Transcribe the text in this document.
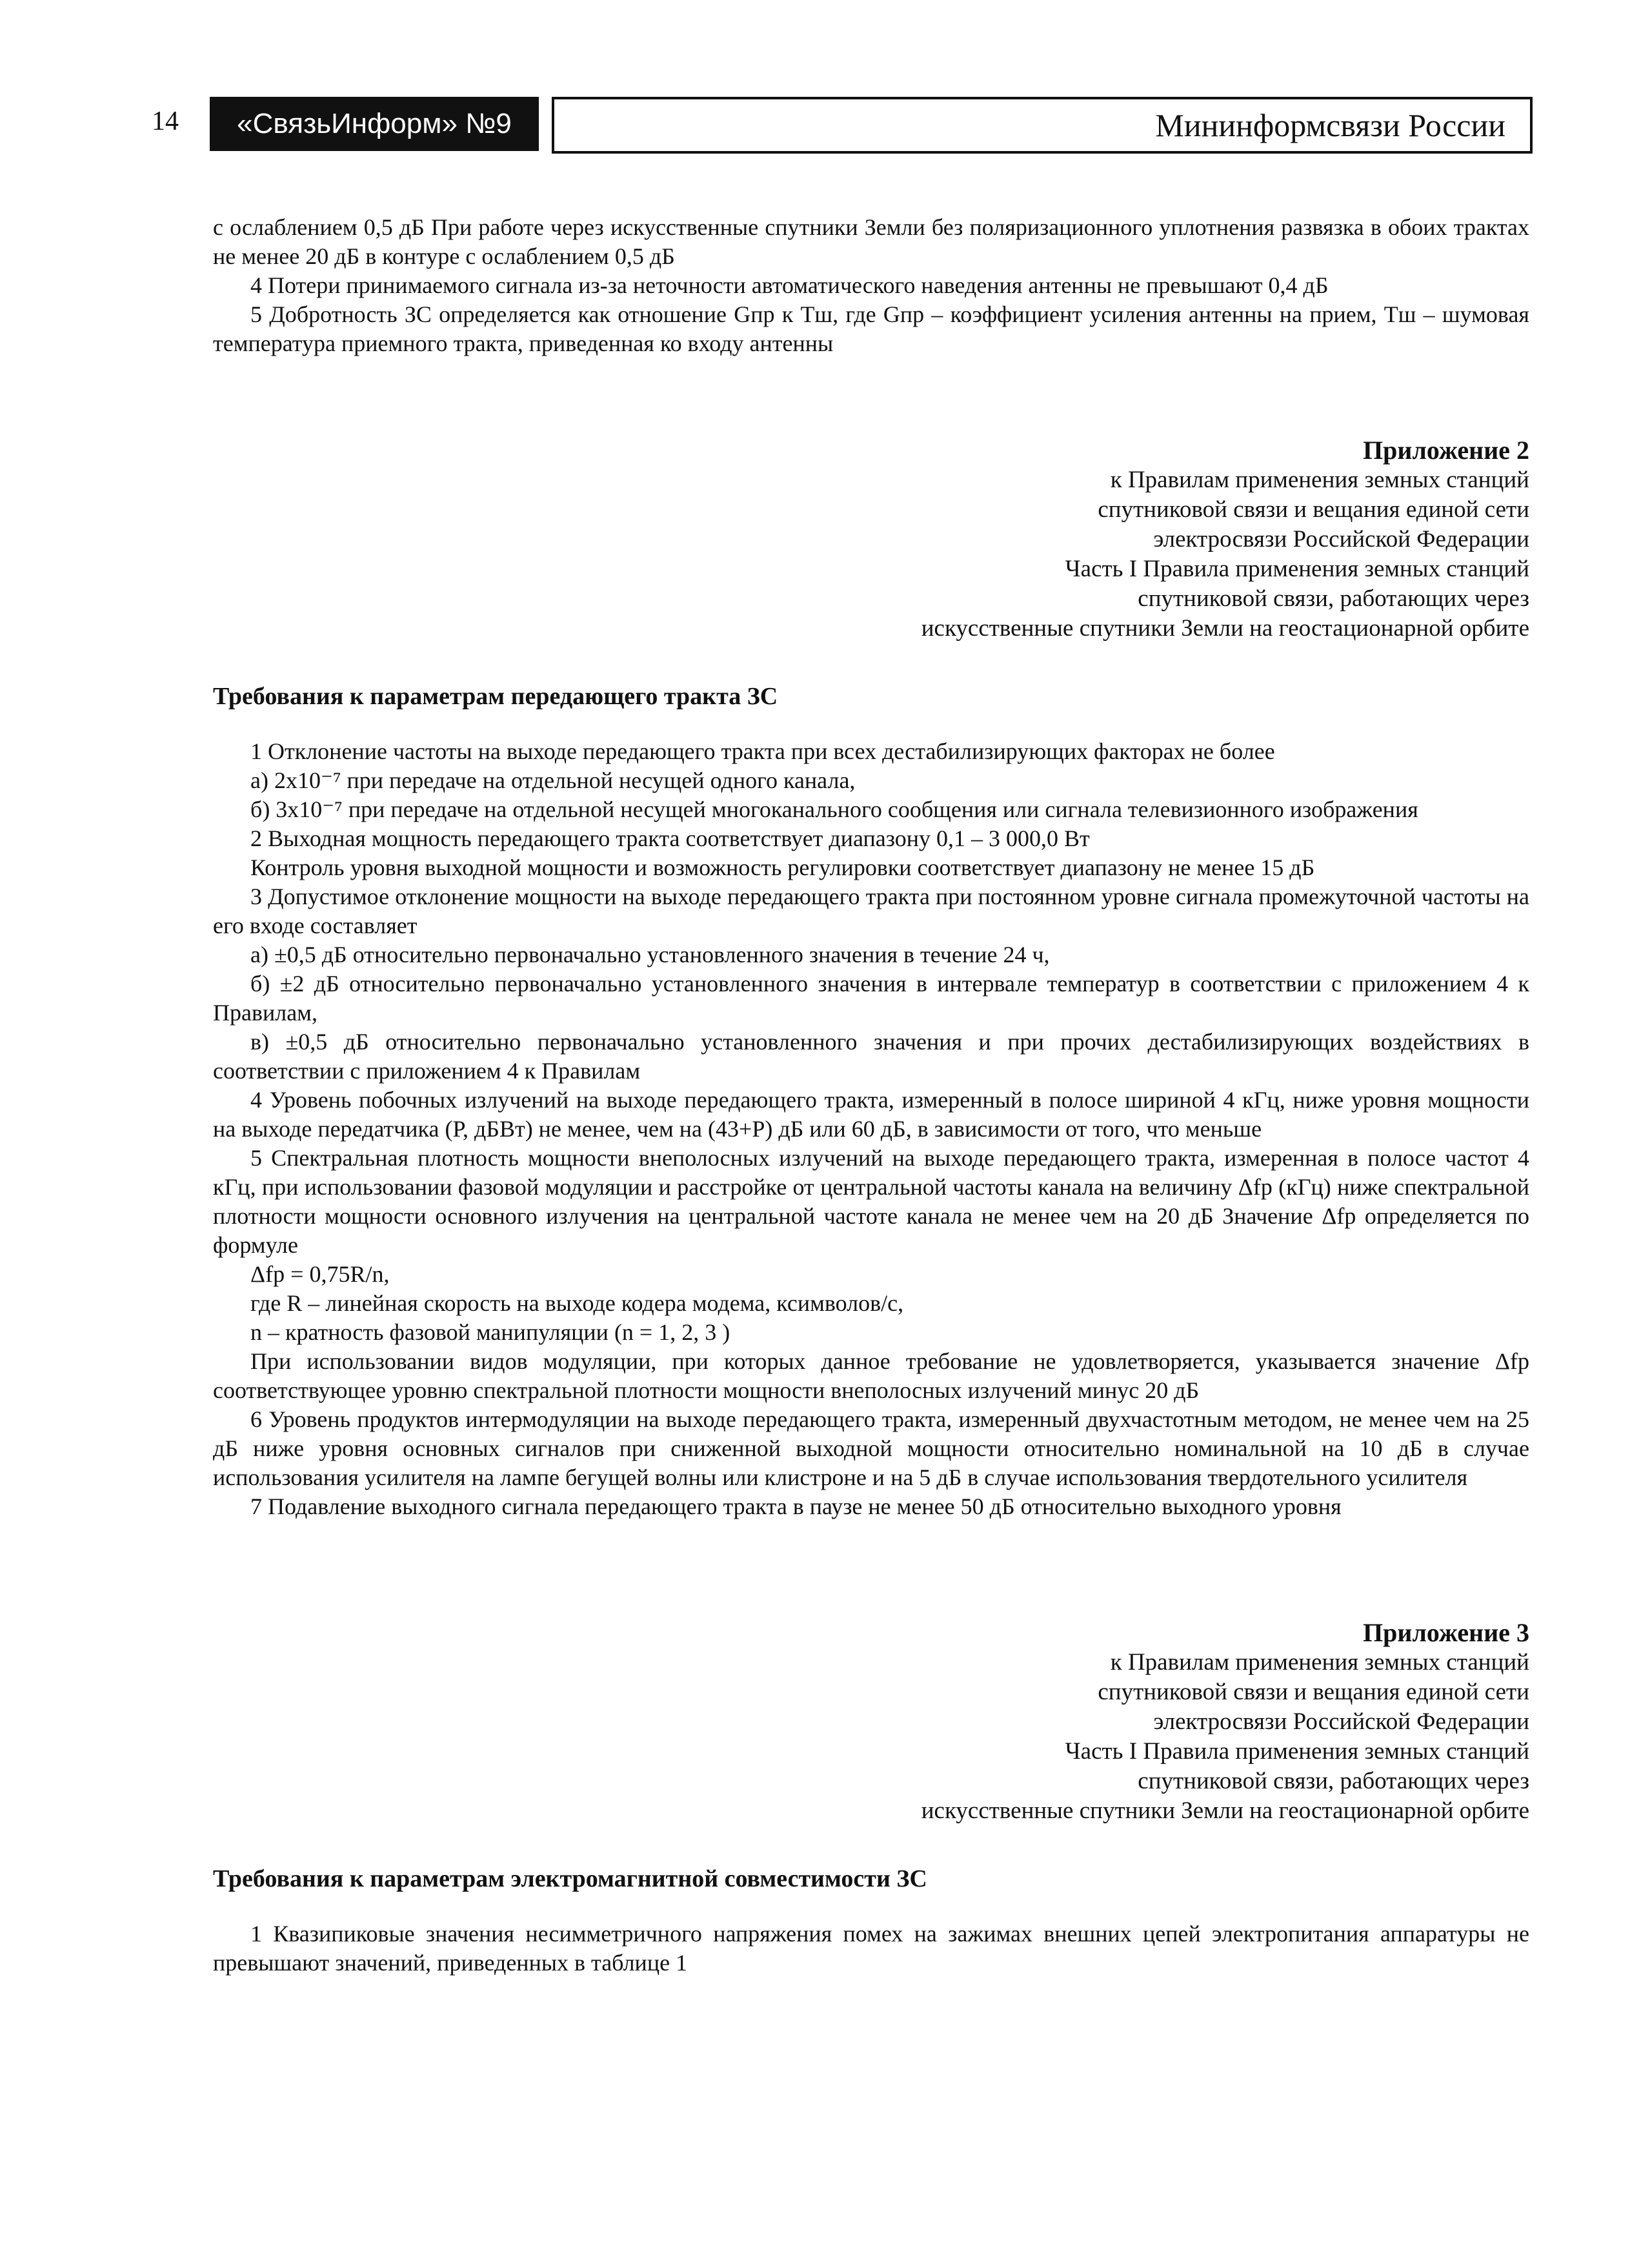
14	«СвязьИнформ» №9	Мининформсвязи России

с ослаблением 0,5 дБ При работе через искусственные спутники Земли без поляризационного уплотнения развязка в обоих трактах не менее 20 дБ в контуре с ослаблением 0,5 дБ

4 Потери принимаемого сигнала из-за неточности автоматического наведения антенны не превышают 0,4 дБ

5 Добротность ЗС определяется как отношение Gпр к Тш, где Gпр – коэффициент усиления антенны на прием, Тш – шумовая температура приемного тракта, приведенная ко входу антенны

Приложение 2
к Правилам применения земных станций
спутниковой связи и вещания единой сети
электросвязи Российской Федерации
Часть I Правила применения земных станций
спутниковой связи, работающих через
искусственные спутники Земли на геостационарной орбите

Требования к параметрам передающего тракта ЗС

1 Отклонение частоты на выходе передающего тракта при всех дестабилизирующих факторах не более

а) 2x10⁻⁷ при передаче на отдельной несущей одного канала,

б) 3x10⁻⁷ при передаче на отдельной несущей многоканального сообщения или сигнала телевизионного изображения

2 Выходная мощность передающего тракта соответствует диапазону 0,1 – 3 000,0 Вт

Контроль уровня выходной мощности и возможность регулировки соответствует диапазону не менее 15 дБ

3 Допустимое отклонение мощности на выходе передающего тракта при постоянном уровне сигнала промежуточной частоты на его входе составляет

а) ±0,5 дБ относительно первоначально установленного значения в течение 24 ч,

б) ±2 дБ относительно первоначально установленного значения в интервале температур в соответствии с приложением 4 к Правилам,

в) ±0,5 дБ относительно первоначально установленного значения и при прочих дестабилизирующих воздействиях в соответствии с приложением 4 к Правилам

4 Уровень побочных излучений на выходе передающего тракта, измеренный в полосе шириной 4 кГц, ниже уровня мощности на выходе передатчика (Р, дБВт) не менее, чем на (43+Р) дБ или 60 дБ, в зависимости от того, что меньше

5 Спектральная плотность мощности внеполосных излучений на выходе передающего тракта, измеренная в полосе частот 4 кГц, при использовании фазовой модуляции и расстройке от центральной частоты канала на величину Δfр (кГц) ниже спектральной плотности мощности основного излучения на центральной частоте канала не менее чем на 20 дБ Значение Δfр определяется по формуле

Δfр = 0,75R/n,

где R – линейная скорость на выходе кодера модема, ксимволов/с,

n – кратность фазовой манипуляции (n = 1, 2, 3 )

При использовании видов модуляции, при которых данное требование не удовлетворяется, указывается значение Δfр соответствующее уровню спектральной плотности мощности внеполосных излучений минус 20 дБ

6 Уровень продуктов интермодуляции на выходе передающего тракта, измеренный двухчастотным методом, не менее чем на 25 дБ ниже уровня основных сигналов при сниженной выходной мощности относительно номинальной на 10 дБ в случае использования усилителя на лампе бегущей волны или клистроне и на 5 дБ в случае использования твердотельного усилителя

7 Подавление выходного сигнала передающего тракта в паузе не менее 50 дБ относительно выходного уровня

Приложение 3
к Правилам применения земных станций
спутниковой связи и вещания единой сети
электросвязи Российской Федерации
Часть I Правила применения земных станций
спутниковой связи, работающих через
искусственные спутники Земли на геостационарной орбите

Требования к параметрам электромагнитной совместимости ЗС

1 Квазипиковые значения несимметричного напряжения помех на зажимах внешних цепей электропитания аппаратуры не превышают значений, приведенных в таблице 1
